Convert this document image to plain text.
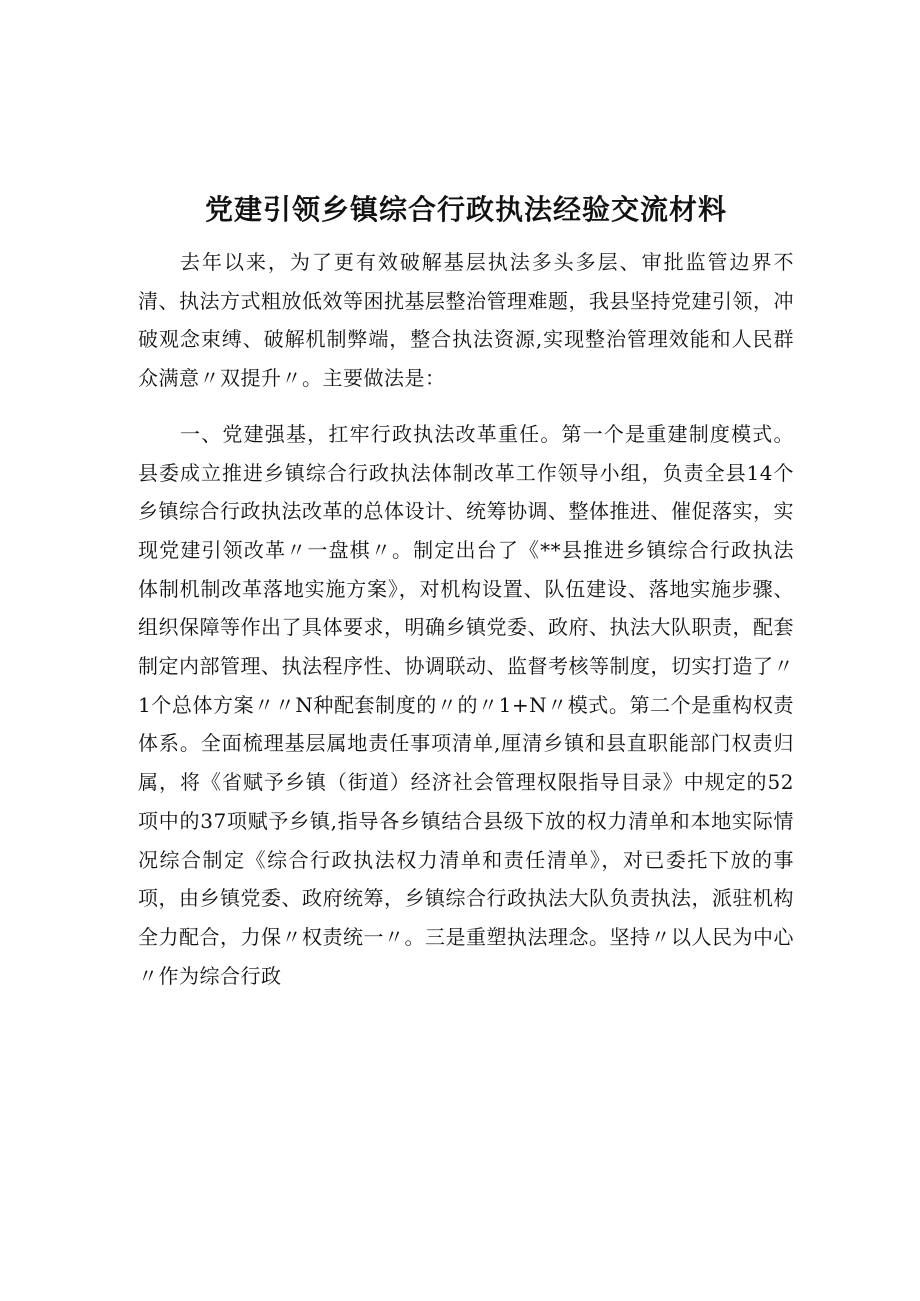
党建引领乡镇综合行政执法经验交流材料

去年以来，为了更有效破解基层执法多头多层、审批监管边界不清、执法方式粗放低效等困扰基层整治管理难题，我县坚持党建引领，冲破观念束缚、破解机制弊端，整合执法资源,实现整治管理效能和人民群众满意〃双提升〃。主要做法是：

一、党建强基，扛牢行政执法改革重任。第一个是重建制度模式。县委成立推进乡镇综合行政执法体制改革工作领导小组，负责全县14个乡镇综合行政执法改革的总体设计、统筹协调、整体推进、催促落实，实现党建引领改革〃一盘棋〃。制定出台了《**县推进乡镇综合行政执法体制机制改革落地实施方案》，对机构设置、队伍建设、落地实施步骤、组织保障等作出了具体要求，明确乡镇党委、政府、执法大队职责，配套制定内部管理、执法程序性、协调联动、监督考核等制度，切实打造了〃1个总体方案〃〃N种配套制度的〃的〃1+N〃模式。第二个是重构权责体系。全面梳理基层属地责任事项清单,厘清乡镇和县直职能部门权责归属，将《省赋予乡镇（街道）经济社会管理权限指导目录》中规定的52项中的37项赋予乡镇,指导各乡镇结合县级下放的权力清单和本地实际情况综合制定《综合行政执法权力清单和责任清单》，对已委托下放的事项，由乡镇党委、政府统筹，乡镇综合行政执法大队负责执法，派驻机构全力配合，力保〃权责统一〃。三是重塑执法理念。坚持〃以人民为中心〃作为综合行政
